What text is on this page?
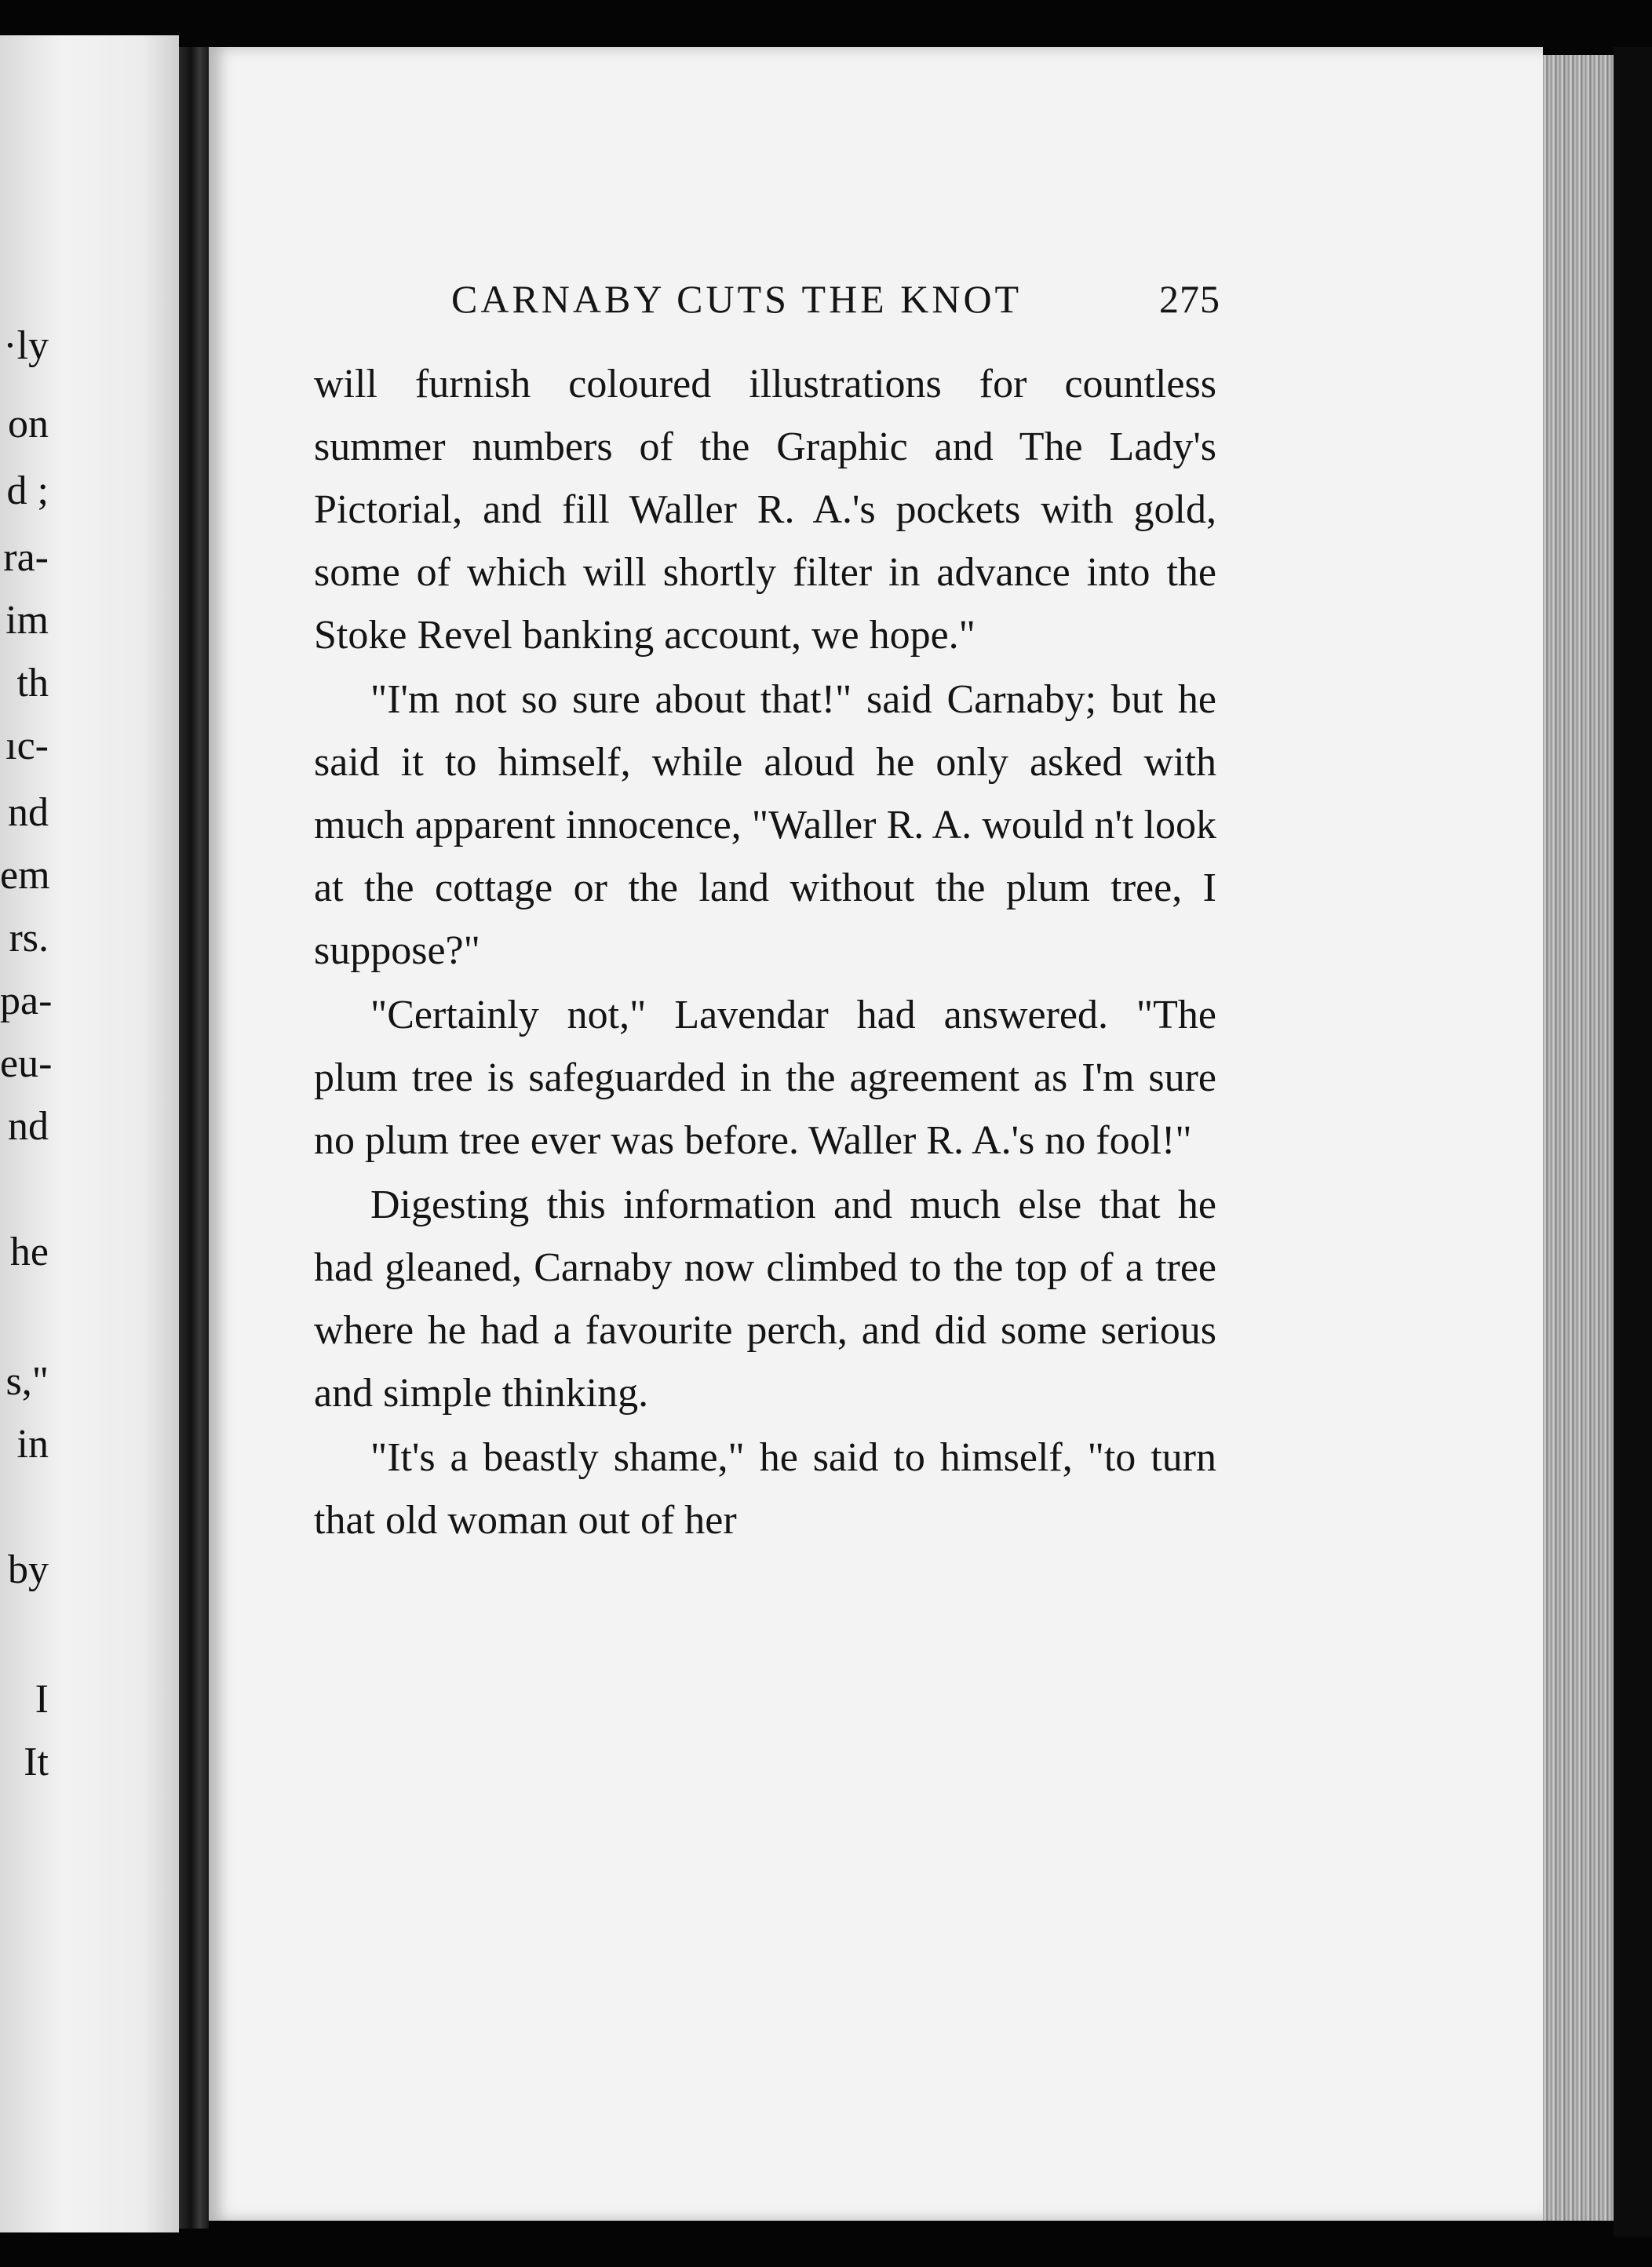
·ly
on
d ;
ra-
im
th
ıc-
nd
em
rs.
pa-
eu-
nd
he
s,"
in
by
I
It
CARNABY CUTS THE KNOT	275

will furnish coloured illustrations for countless summer numbers of the Graphic and The Lady's Pictorial, and fill Waller R. A.'s pockets with gold, some of which will shortly filter in advance into the Stoke Revel banking account, we hope."

"I'm not so sure about that!" said Carnaby; but he said it to himself, while aloud he only asked with much apparent innocence, "Waller R. A. would n't look at the cottage or the land without the plum tree, I suppose?"

"Certainly not," Lavendar had answered. "The plum tree is safeguarded in the agreement as I'm sure no plum tree ever was before. Waller R. A.'s no fool!"

Digesting this information and much else that he had gleaned, Carnaby now climbed to the top of a tree where he had a favourite perch, and did some serious and simple thinking.

"It's a beastly shame," he said to himself, "to turn that old woman out of her
